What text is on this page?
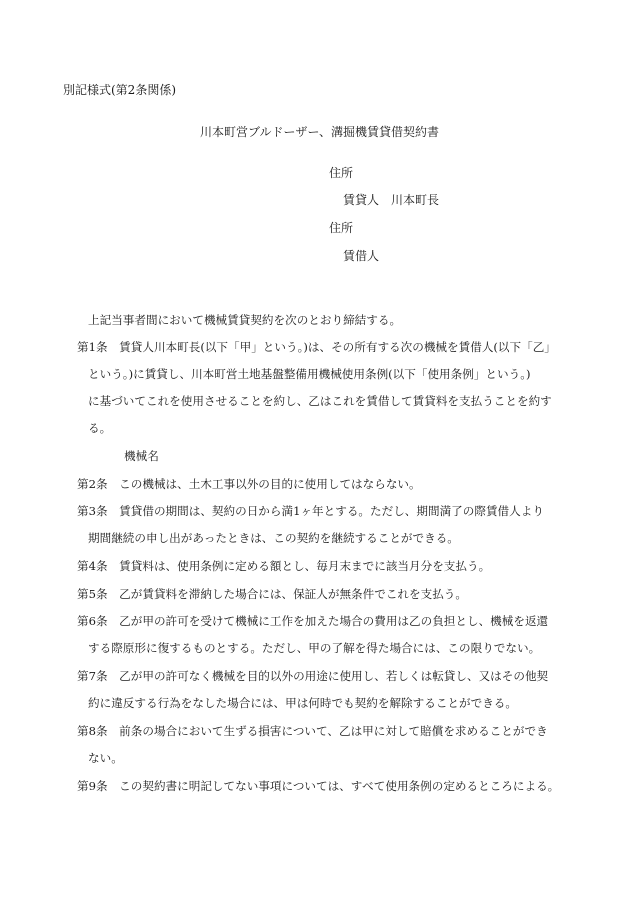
別記様式(第2条関係)
川本町営ブルドーザー、溝掘機賃貸借契約書
住所
賃貸人　川本町長
住所
賃借人
上記当事者間において機械賃貸契約を次のとおり締結する。
第1条　賃貸人川本町長(以下「甲」という。)は、その所有する次の機械を賃借人(以下「乙」
という。)に賃貸し、川本町営土地基盤整備用機械使用条例(以下「使用条例」という。)
に基づいてこれを使用させることを約し、乙はこれを賃借して賃貸料を支払うことを約す
る。
機械名
第2条　この機械は、土木工事以外の目的に使用してはならない。
第3条　賃貸借の期間は、契約の日から満1ヶ年とする。ただし、期間満了の際賃借人より
期間継続の申し出があったときは、この契約を継続することができる。
第4条　賃貸料は、使用条例に定める額とし、毎月末までに該当月分を支払う。
第5条　乙が賃貸料を滞納した場合には、保証人が無条件でこれを支払う。
第6条　乙が甲の許可を受けて機械に工作を加えた場合の費用は乙の負担とし、機械を返還
する際原形に復するものとする。ただし、甲の了解を得た場合には、この限りでない。
第7条　乙が甲の許可なく機械を目的以外の用途に使用し、若しくは転貸し、又はその他契
約に違反する行為をなした場合には、甲は何時でも契約を解除することができる。
第8条　前条の場合において生ずる損害について、乙は甲に対して賠償を求めることができ
ない。
第9条　この契約書に明記してない事項については、すべて使用条例の定めるところによる。
